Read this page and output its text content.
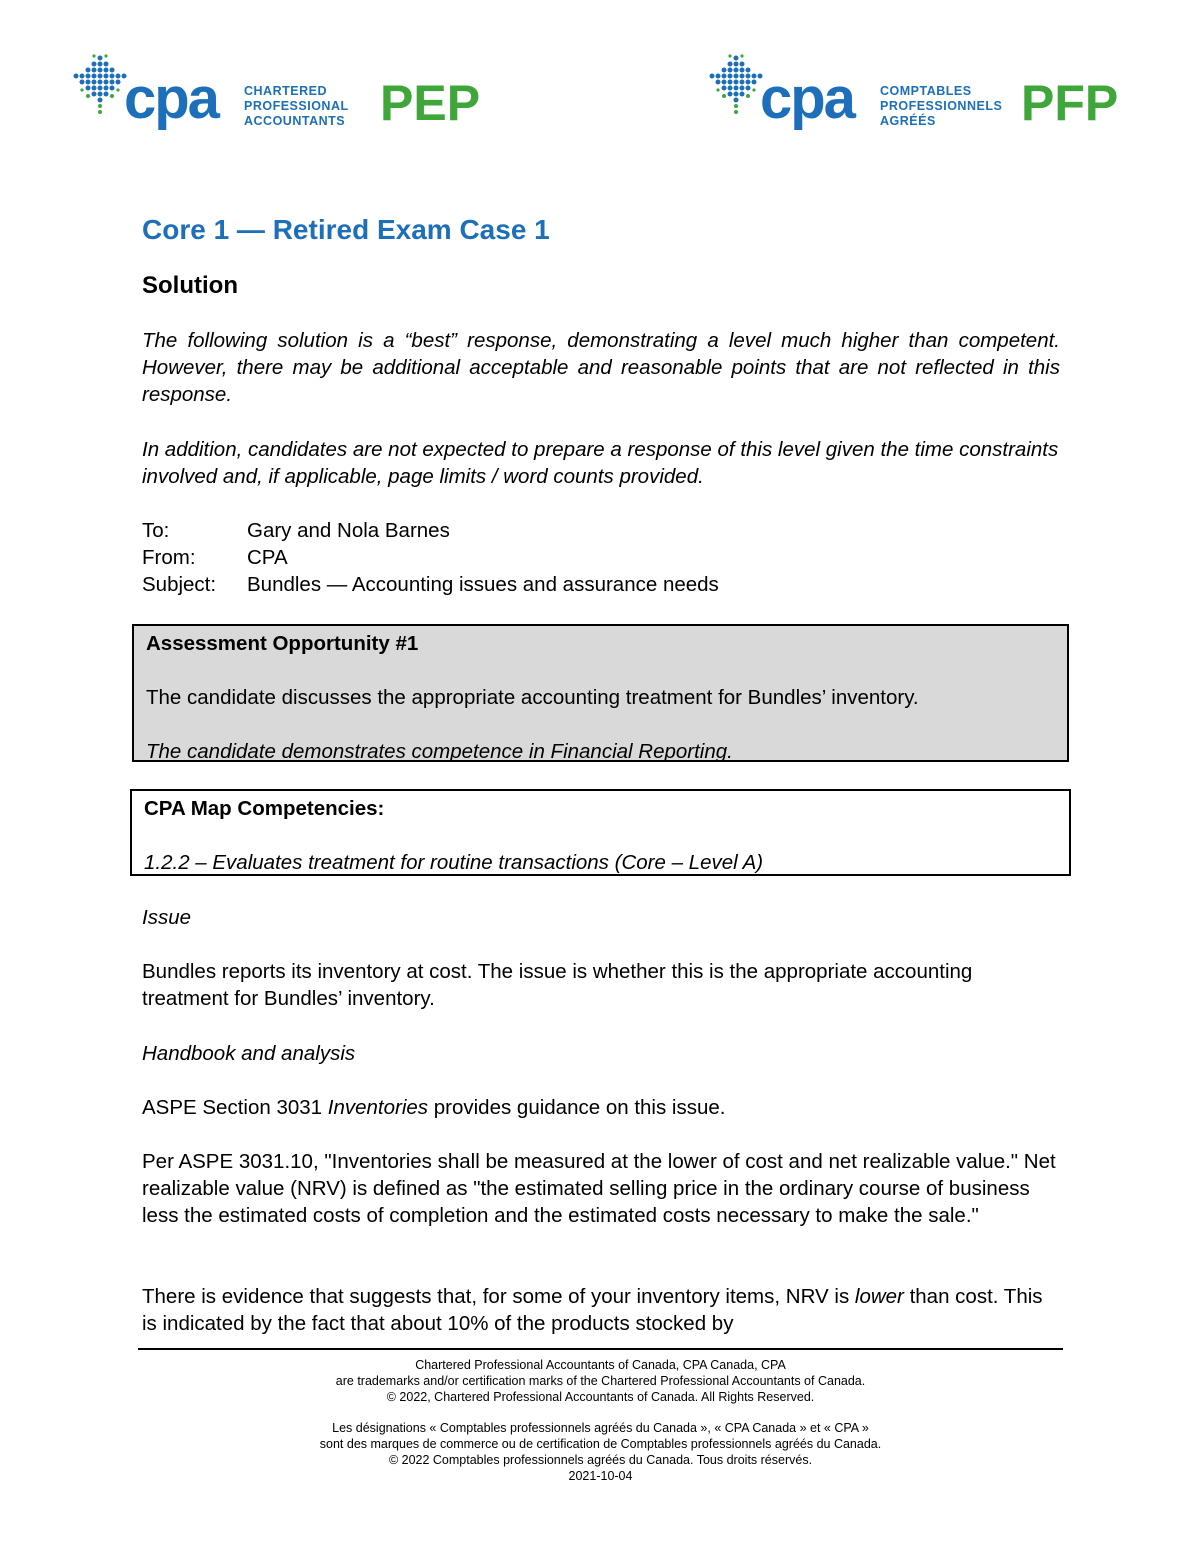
cpa CHARTERED
PROFESSIONAL
ACCOUNTANTS PEP	cpa COMPTABLES
PROFESSIONNELS
AGRÉÉS	PFP
Core 1 — Retired Exam Case 1
Solution
The following solution is a “best” response, demonstrating a level much higher than competent. However, there may be additional acceptable and reasonable points that are not reflected in this response.
In addition, candidates are not expected to prepare a response of this level given the time constraints involved and, if applicable, page limits / word counts provided.
To:	Gary and Nola Barnes
From:	CPA
Subject:	Bundles — Accounting issues and assurance needs
Assessment Opportunity #1
The candidate discusses the appropriate accounting treatment for Bundles’ inventory.
The candidate demonstrates competence in Financial Reporting.
CPA Map Competencies:
1.2.2 – Evaluates treatment for routine transactions (Core – Level A)
Issue
Bundles reports its inventory at cost. The issue is whether this is the appropriate accounting treatment for Bundles’ inventory.
Handbook and analysis
ASPE Section 3031 Inventories provides guidance on this issue.
Per ASPE 3031.10, "Inventories shall be measured at the lower of cost and net realizable value." Net realizable value (NRV) is defined as "the estimated selling price in the ordinary course of business less the estimated costs of completion and the estimated costs necessary to make the sale."
There is evidence that suggests that, for some of your inventory items, NRV is lower than cost. This is indicated by the fact that about 10% of the products stocked by
Chartered Professional Accountants of Canada, CPA Canada, CPA
are trademarks and/or certification marks of the Chartered Professional Accountants of Canada.
© 2022, Chartered Professional Accountants of Canada. All Rights Reserved.
Les désignations « Comptables professionnels agréés du Canada », « CPA Canada » et « CPA »
sont des marques de commerce ou de certification de Comptables professionnels agréés du Canada.
© 2022 Comptables professionnels agréés du Canada. Tous droits réservés.
2021-10-04
